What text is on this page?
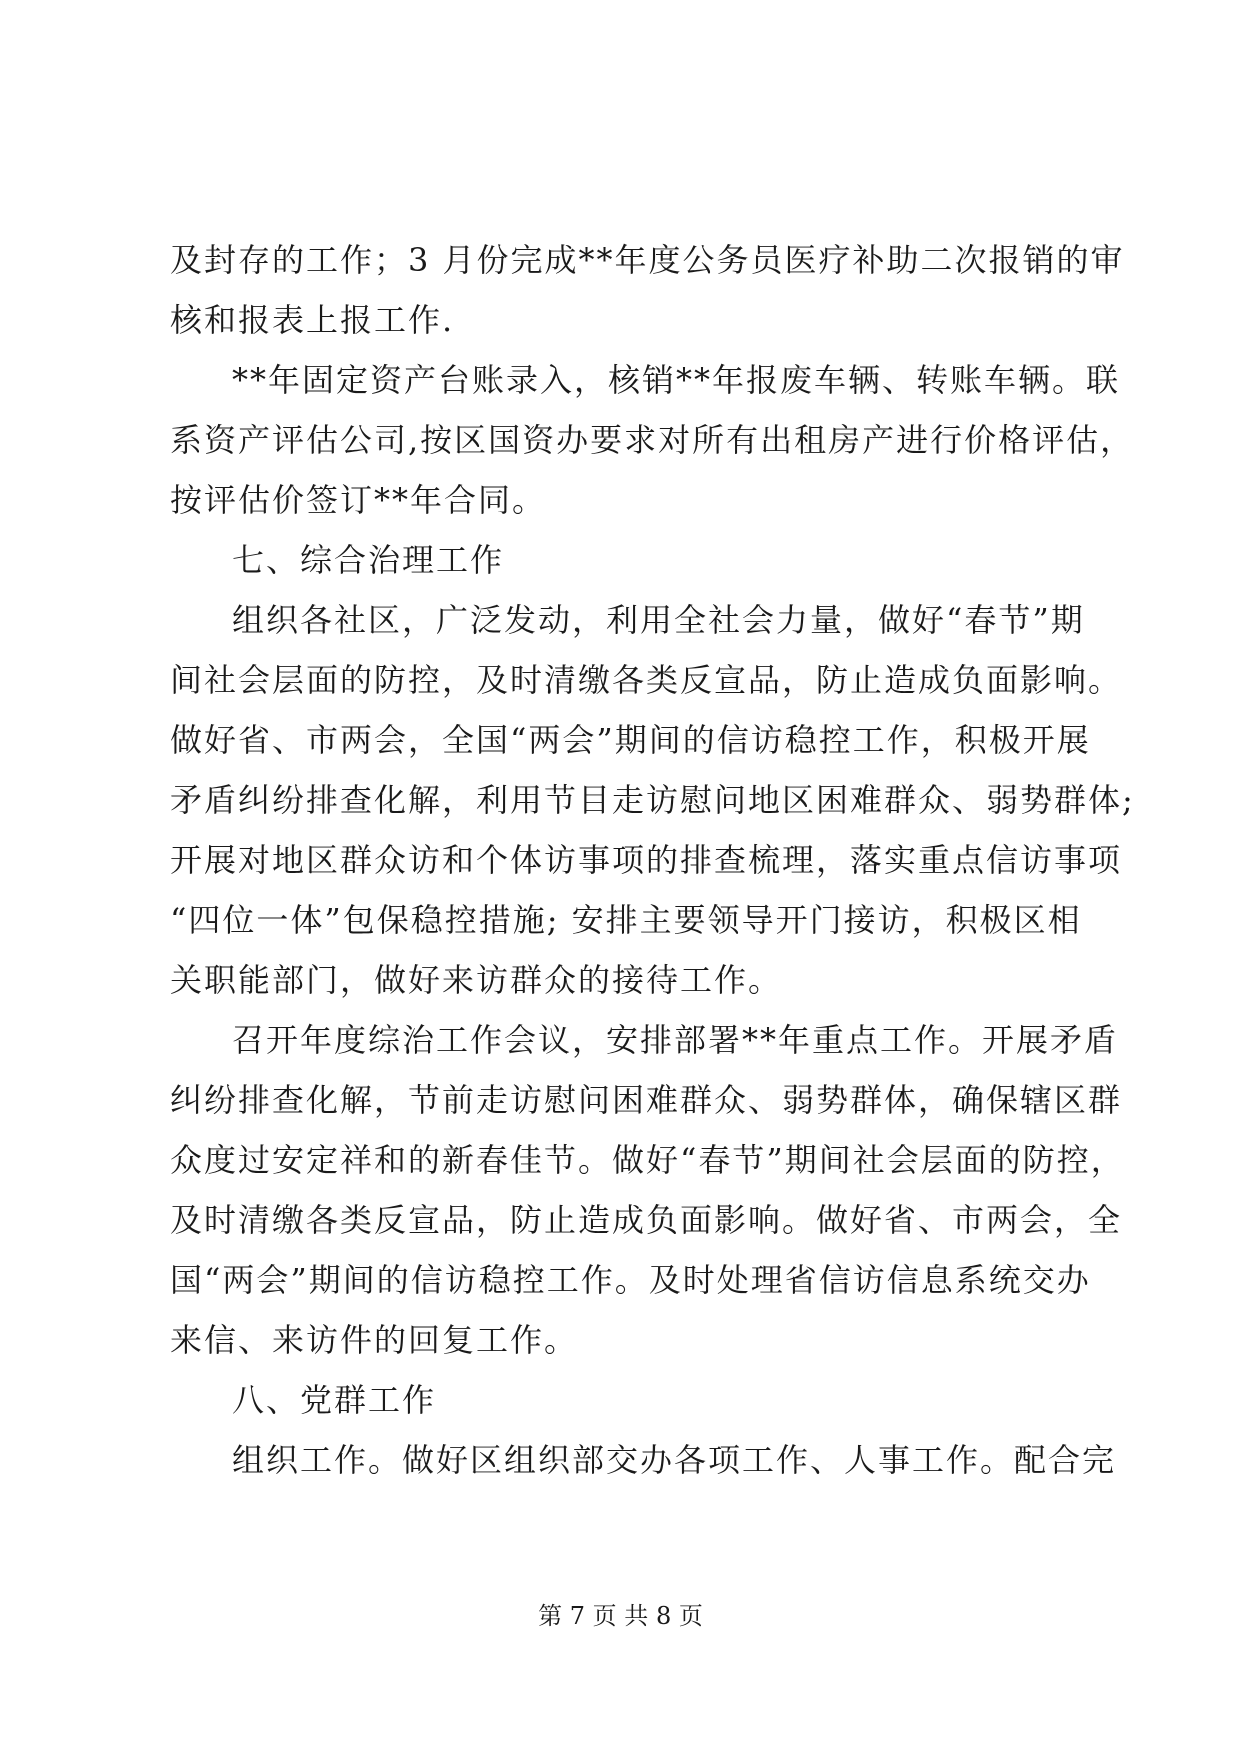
及封存的工作；3 月份完成**年度公务员医疗补助二次报销的审
核和报表上报工作.
**年固定资产台账录入，核销**年报废车辆、转账车辆。联
系资产评估公司,按区国资办要求对所有出租房产进行价格评估，
按评估价签订**年合同。
七、综合治理工作
组织各社区，广泛发动，利用全社会力量，做好“春节”期
间社会层面的防控，及时清缴各类反宣品，防止造成负面影响。
做好省、市两会，全国“两会”期间的信访稳控工作，积极开展
矛盾纠纷排查化解，利用节目走访慰问地区困难群众、弱势群体;
开展对地区群众访和个体访事项的排查梳理，落实重点信访事项
“四位一体”包保稳控措施; 安排主要领导开门接访，积极区相
关职能部门，做好来访群众的接待工作。
召开年度综治工作会议，安排部署**年重点工作。开展矛盾
纠纷排查化解，节前走访慰问困难群众、弱势群体，确保辖区群
众度过安定祥和的新春佳节。做好“春节”期间社会层面的防控，
及时清缴各类反宣品，防止造成负面影响。做好省、市两会，全
国“两会”期间的信访稳控工作。及时处理省信访信息系统交办
来信、来访件的回复工作。
八、党群工作
组织工作。做好区组织部交办各项工作、人事工作。配合完
第 7 页 共 8 页
